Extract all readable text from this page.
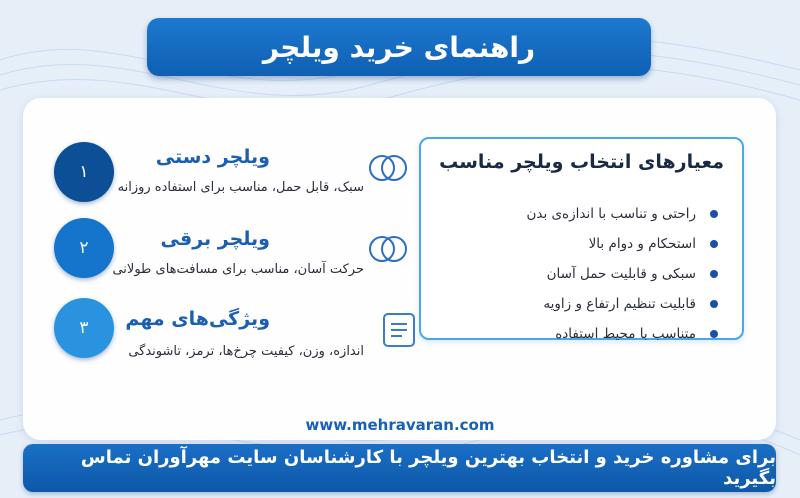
راهنمای خرید ویلچر
۱
ویلچر دستی
سبک، قابل حمل، مناسب برای استفاده روزانه
۲	ویلچر برقی
حرکت آسان، مناسب برای مسافت‌های طولانی
۳ ویژگی‌های مهم
اندازه، وزن، کیفیت چرخ‌ها، ترمز، تاشوندگی
معیارهای انتخاب ویلچر مناسب
راحتی و تناسب با اندازه‌ی بدن
استحکام و دوام بالا
سبکی و قابلیت حمل آسان
قابلیت تنظیم ارتفاع و زاویه
متناسب با محیط استفاده
www.mehravaran.com
برای مشاوره خرید و انتخاب بهترین ویلچر با کارشناسان سایت مهرآوران تماس بگیرید
